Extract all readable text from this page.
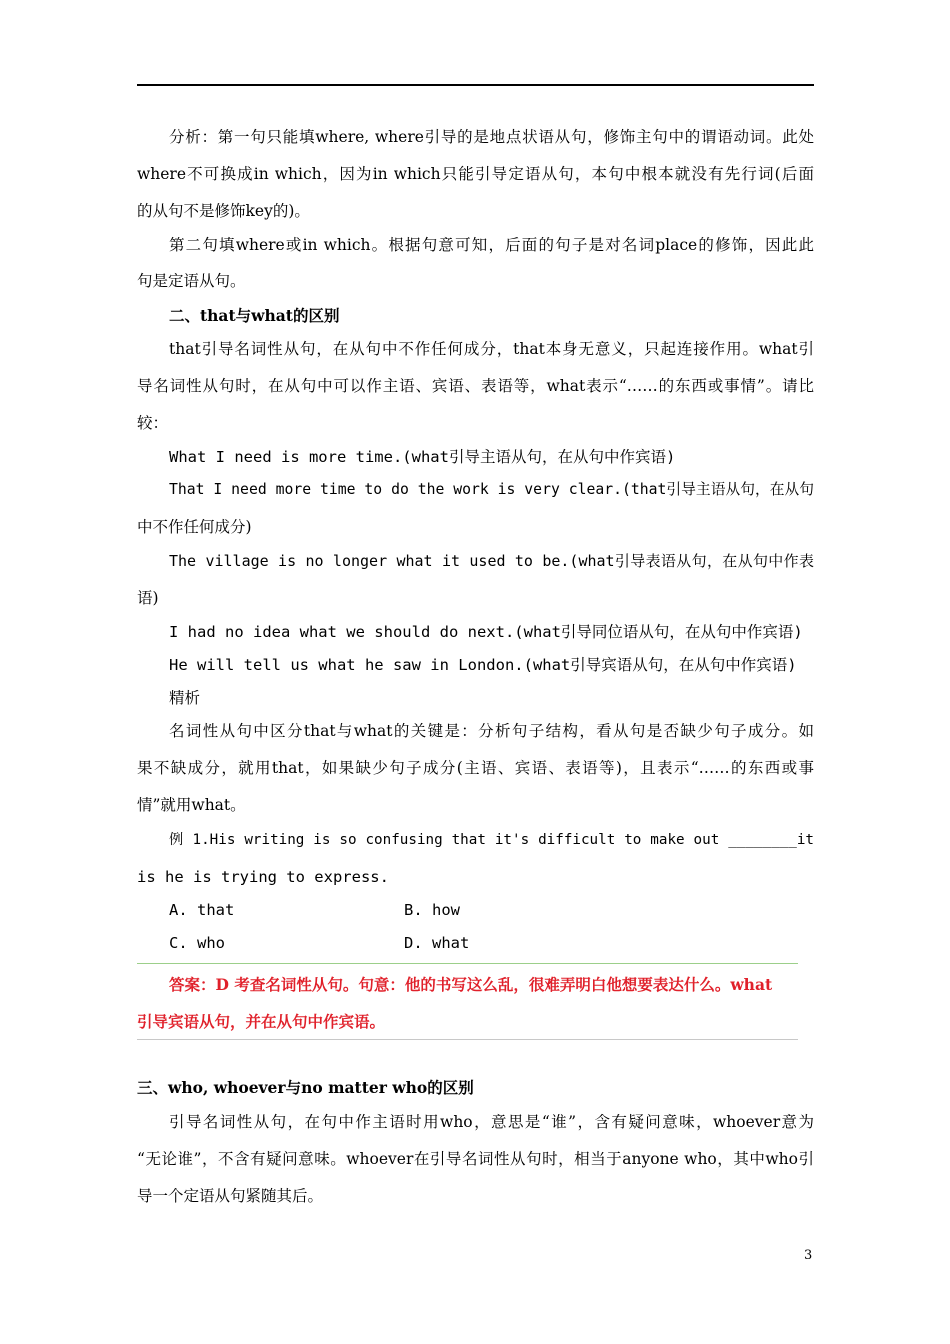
分析：第一句只能填where, where引导的是地点状语从句，修饰主句中的谓语动词。此处
where不可换成in which，因为in which只能引导定语从句，本句中根本就没有先行词(后面
的从句不是修饰key的)。
第二句填where或in which。根据句意可知，后面的句子是对名词place的修饰，因此此
句是定语从句。
二、that与what的区别
that引导名词性从句，在从句中不作任何成分，that本身无意义，只起连接作用。what引
导名词性从句时，在从句中可以作主语、宾语、表语等，what表示“……的东西或事情”。请比
较：
What I need is more time.(what引导主语从句，在从句中作宾语)
That I need more time to do the work is very clear.(that引导主语从句，在从句
中不作任何成分)
The village is no longer what it used to be.(what引导表语从句，在从句中作表
语)
I had no idea what we should do next.(what引导同位语从句，在从句中作宾语)
He will tell us what he saw in London.(what引导宾语从句，在从句中作宾语)
精析
名词性从句中区分that与what的关键是：分析句子结构，看从句是否缺少句子成分。如
果不缺成分，就用that，如果缺少句子成分(主语、宾语、表语等)，且表示“……的东西或事
情”就用what。
例 1.His writing is so confusing that it's difficult to make out ________it
is he is trying to express.
A. that	B. how
C. who	D. what
答案：D 考查名词性从句。句意：他的书写这么乱，很难弄明白他想要表达什么。what
引导宾语从句，并在从句中作宾语。
三、who, whoever与no matter who的区别
引导名词性从句，在句中作主语时用who，意思是“谁”，含有疑问意味，whoever意为
“无论谁”，不含有疑问意味。whoever在引导名词性从句时，相当于anyone who，其中who引
导一个定语从句紧随其后。
3
